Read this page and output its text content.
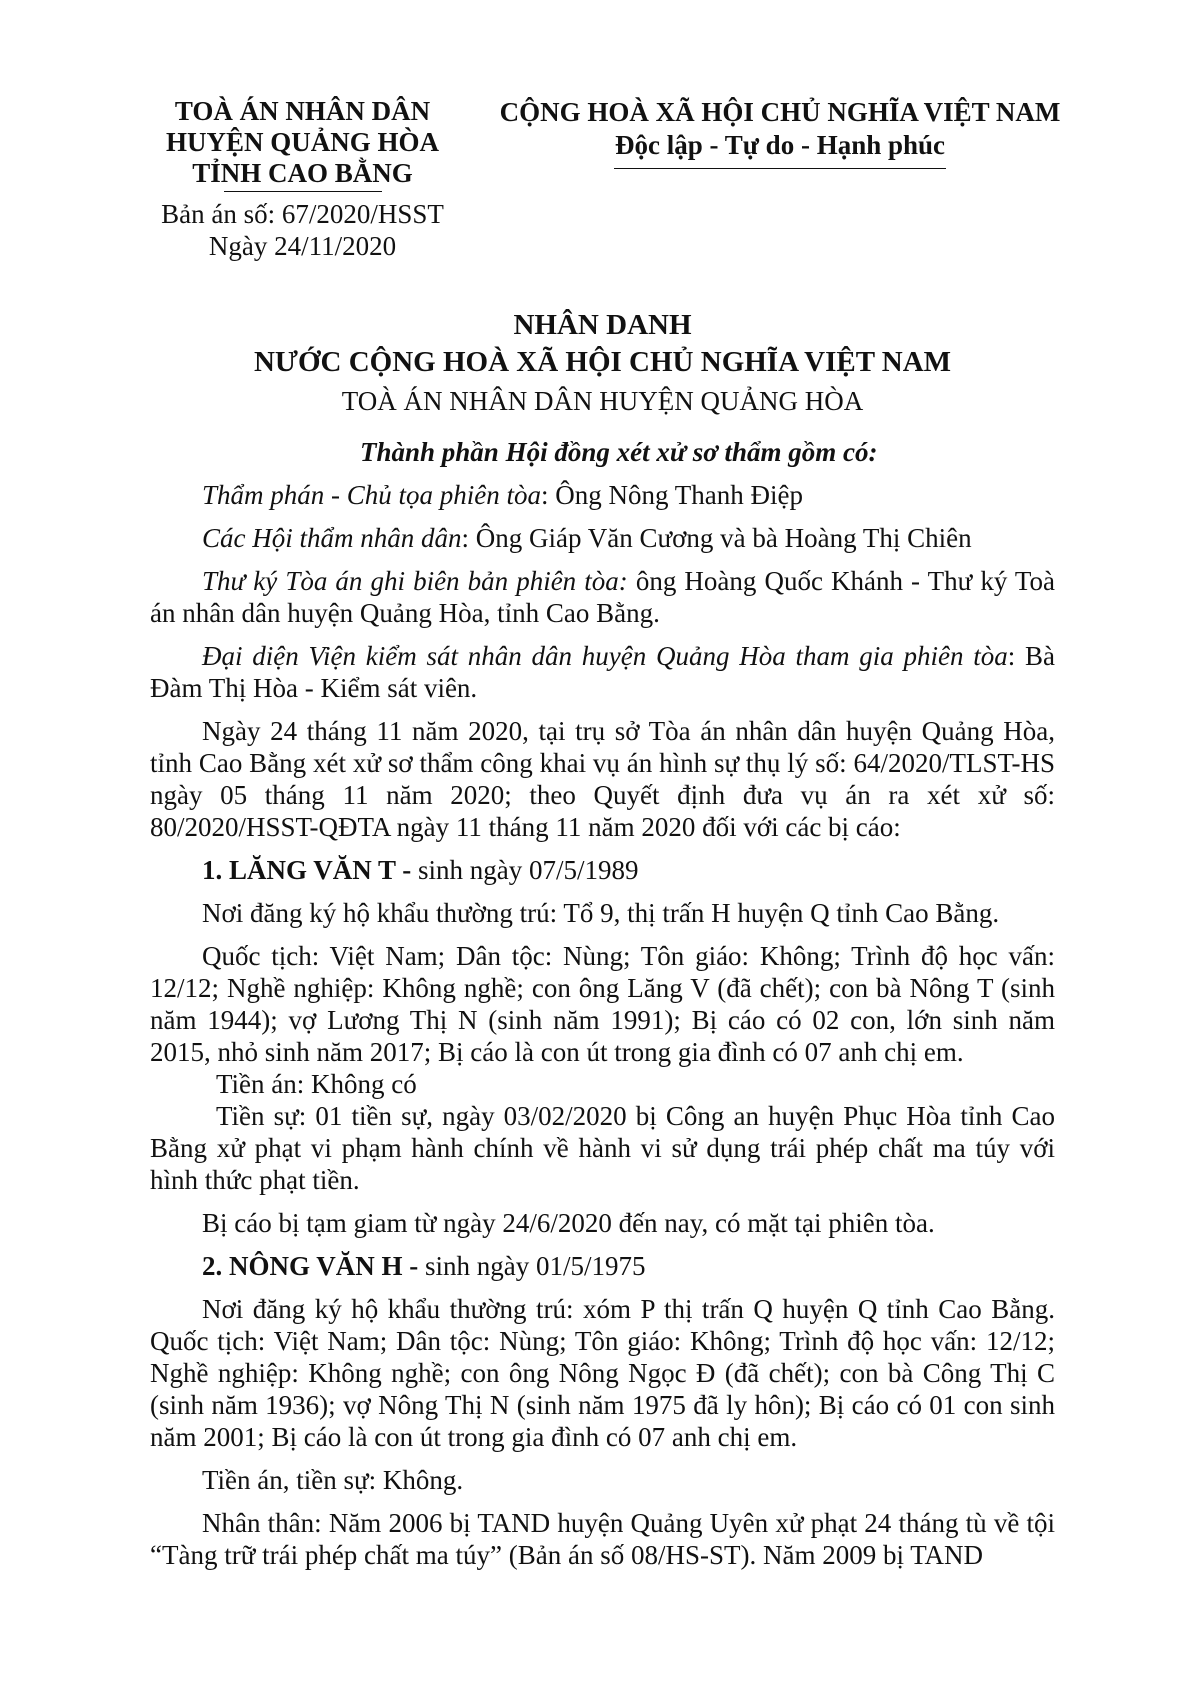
TOÀ ÁN NHÂN DÂN
HUYỆN QUẢNG HÒA
TỈNH CAO BẰNG
Bản án số: 67/2020/HSST
Ngày 24/11/2020
CỘNG HOÀ XÃ HỘI CHỦ NGHĨA VIỆT NAM
Độc lập - Tự do - Hạnh phúc
NHÂN DANH
NƯỚC CỘNG HOÀ XÃ HỘI CHỦ NGHĨA VIỆT NAM
TOÀ ÁN NHÂN DÂN HUYỆN QUẢNG HÒA

Thành phần Hội đồng xét xử sơ thẩm gồm có:

Thẩm phán - Chủ tọa phiên tòa: Ông Nông Thanh Điệp

Các Hội thẩm nhân dân: Ông Giáp Văn Cương và bà Hoàng Thị Chiên

Thư ký Tòa án ghi biên bản phiên tòa: ông Hoàng Quốc Khánh - Thư ký Toà án nhân dân huyện Quảng Hòa, tỉnh Cao Bằng.

Đại diện Viện kiểm sát nhân dân huyện Quảng Hòa tham gia phiên tòa: Bà Đàm Thị Hòa - Kiểm sát viên.

Ngày 24 tháng 11 năm 2020, tại trụ sở Tòa án nhân dân huyện Quảng Hòa, tỉnh Cao Bằng xét xử sơ thẩm công khai vụ án hình sự thụ lý số: 64/2020/TLST-HS ngày 05 tháng 11 năm 2020; theo Quyết định đưa vụ án ra xét xử số: 80/2020/HSST-QĐTA ngày 11 tháng 11 năm 2020 đối với các bị cáo:

1. LĂNG VĂN T - sinh ngày 07/5/1989

Nơi đăng ký hộ khẩu thường trú: Tổ 9, thị trấn H huyện Q tỉnh Cao Bằng.

Quốc tịch: Việt Nam; Dân tộc: Nùng; Tôn giáo: Không; Trình độ học vấn: 12/12; Nghề nghiệp: Không nghề; con ông Lăng V (đã chết); con bà Nông T (sinh năm 1944); vợ Lương Thị N (sinh năm 1991); Bị cáo có 02 con, lớn sinh năm 2015, nhỏ sinh năm 2017; Bị cáo là con út trong gia đình có 07 anh chị em.

Tiền án: Không có

Tiền sự: 01 tiền sự, ngày 03/02/2020 bị Công an huyện Phục Hòa tỉnh Cao Bằng xử phạt vi phạm hành chính về hành vi sử dụng trái phép chất ma túy với hình thức phạt tiền.

Bị cáo bị tạm giam từ ngày 24/6/2020 đến nay, có mặt tại phiên tòa.

2. NÔNG VĂN H - sinh ngày 01/5/1975

Nơi đăng ký hộ khẩu thường trú: xóm P thị trấn Q huyện Q tỉnh Cao Bằng. Quốc tịch: Việt Nam; Dân tộc: Nùng; Tôn giáo: Không; Trình độ học vấn: 12/12; Nghề nghiệp: Không nghề; con ông Nông Ngọc Đ (đã chết); con bà Công Thị C (sinh năm 1936); vợ Nông Thị N (sinh năm 1975 đã ly hôn); Bị cáo có 01 con sinh năm 2001; Bị cáo là con út trong gia đình có 07 anh chị em.

Tiền án, tiền sự: Không.

Nhân thân: Năm 2006 bị TAND huyện Quảng Uyên xử phạt 24 tháng tù về tội “Tàng trữ trái phép chất ma túy” (Bản án số 08/HS-ST). Năm 2009 bị TAND
